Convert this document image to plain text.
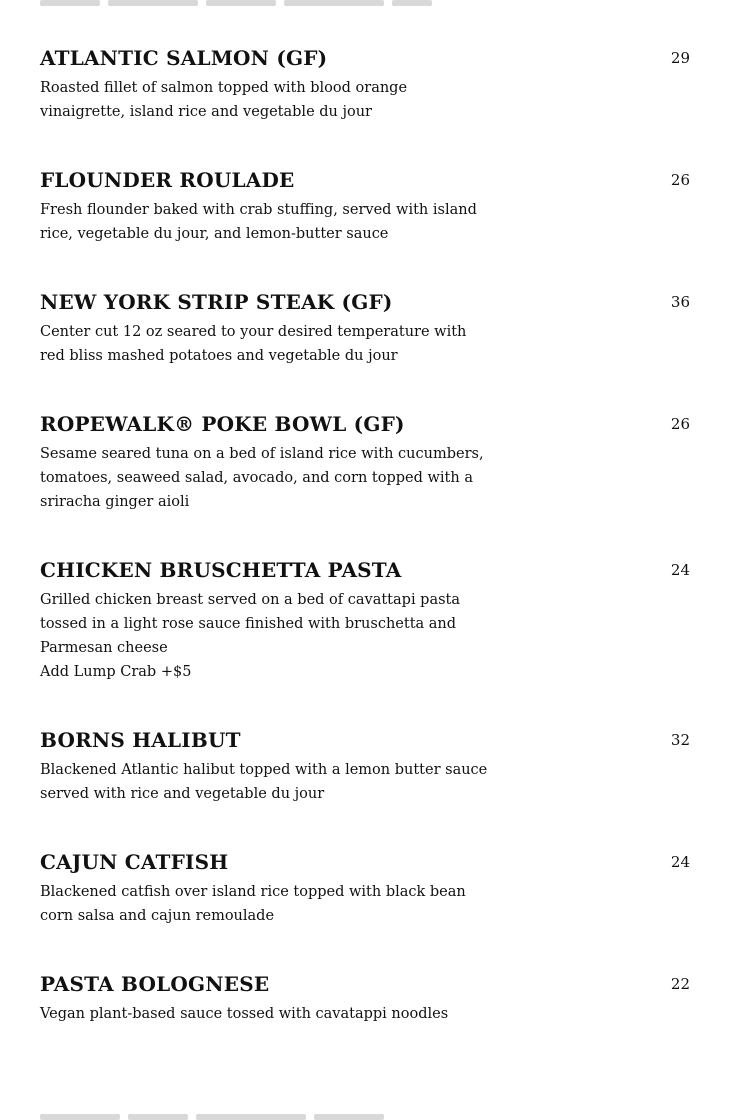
ATLANTIC SALMON (GF)	29
Roasted fillet of salmon topped with blood orange vinaigrette, island rice and vegetable du jour
FLOUNDER ROULADE	26
Fresh flounder baked with crab stuffing, served with island rice, vegetable du jour, and lemon-butter sauce
NEW YORK STRIP STEAK (GF)	36
Center cut 12 oz seared to your desired temperature with red bliss mashed potatoes and vegetable du jour
ROPEWALK® POKE BOWL (GF)	26
Sesame seared tuna on a bed of island rice with cucumbers, tomatoes, seaweed salad, avocado, and corn topped with a sriracha ginger aioli
CHICKEN BRUSCHETTA PASTA	24
Grilled chicken breast served on a bed of cavattapi pasta tossed in a light rose sauce finished with bruschetta and Parmesan cheese
Add Lump Crab +$5
BORNS HALIBUT	32
Blackened Atlantic halibut topped with a lemon butter sauce served with rice and vegetable du jour
CAJUN CATFISH	24
Blackened catfish over island rice topped with black bean corn salsa and cajun remoulade
PASTA BOLOGNESE	22
Vegan plant-based sauce tossed with cavatappi noodles
